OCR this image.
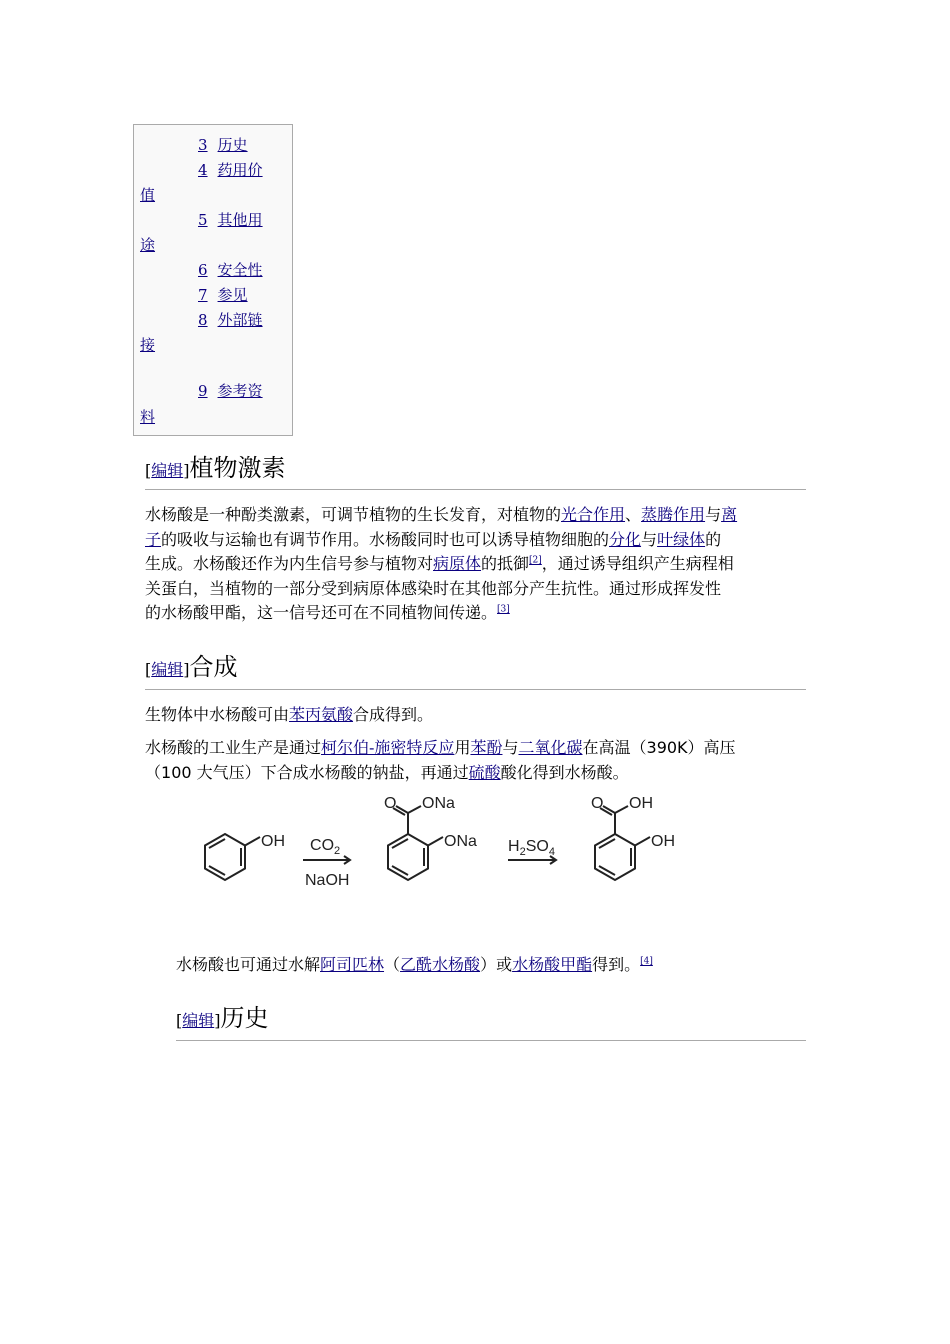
3 历史
4 药用价
值
5 其他用
途
6 安全性
7 参见
8 外部链
接
9 参考资
料
[编辑]植物激素
水杨酸是一种酚类激素，可调节植物的生长发育，对植物的光合作用、蒸腾作用与离
子的吸收与运输也有调节作用。水杨酸同时也可以诱导植物细胞的分化与叶绿体的
生成。水杨酸还作为内生信号参与植物对病原体的抵御[2]，通过诱导组织产生病程相
关蛋白，当植物的一部分受到病原体感染时在其他部分产生抗性。通过形成挥发性
的水杨酸甲酯，这一信号还可在不同植物间传递。[3]
[编辑]合成
生物体中水杨酸可由苯丙氨酸合成得到。
水杨酸的工业生产是通过柯尔伯-施密特反应用苯酚与二氧化碳在高温（390K）高压
（100 大气压）下合成水杨酸的钠盐，再通过硫酸酸化得到水杨酸。
OH $CO_2$
NaOH
O ONa
ONa $H_2SO_4$
O OH
OH
水杨酸也可通过水解阿司匹林（乙酰水杨酸）或水杨酸甲酯得到。[4]
[编辑]历史
